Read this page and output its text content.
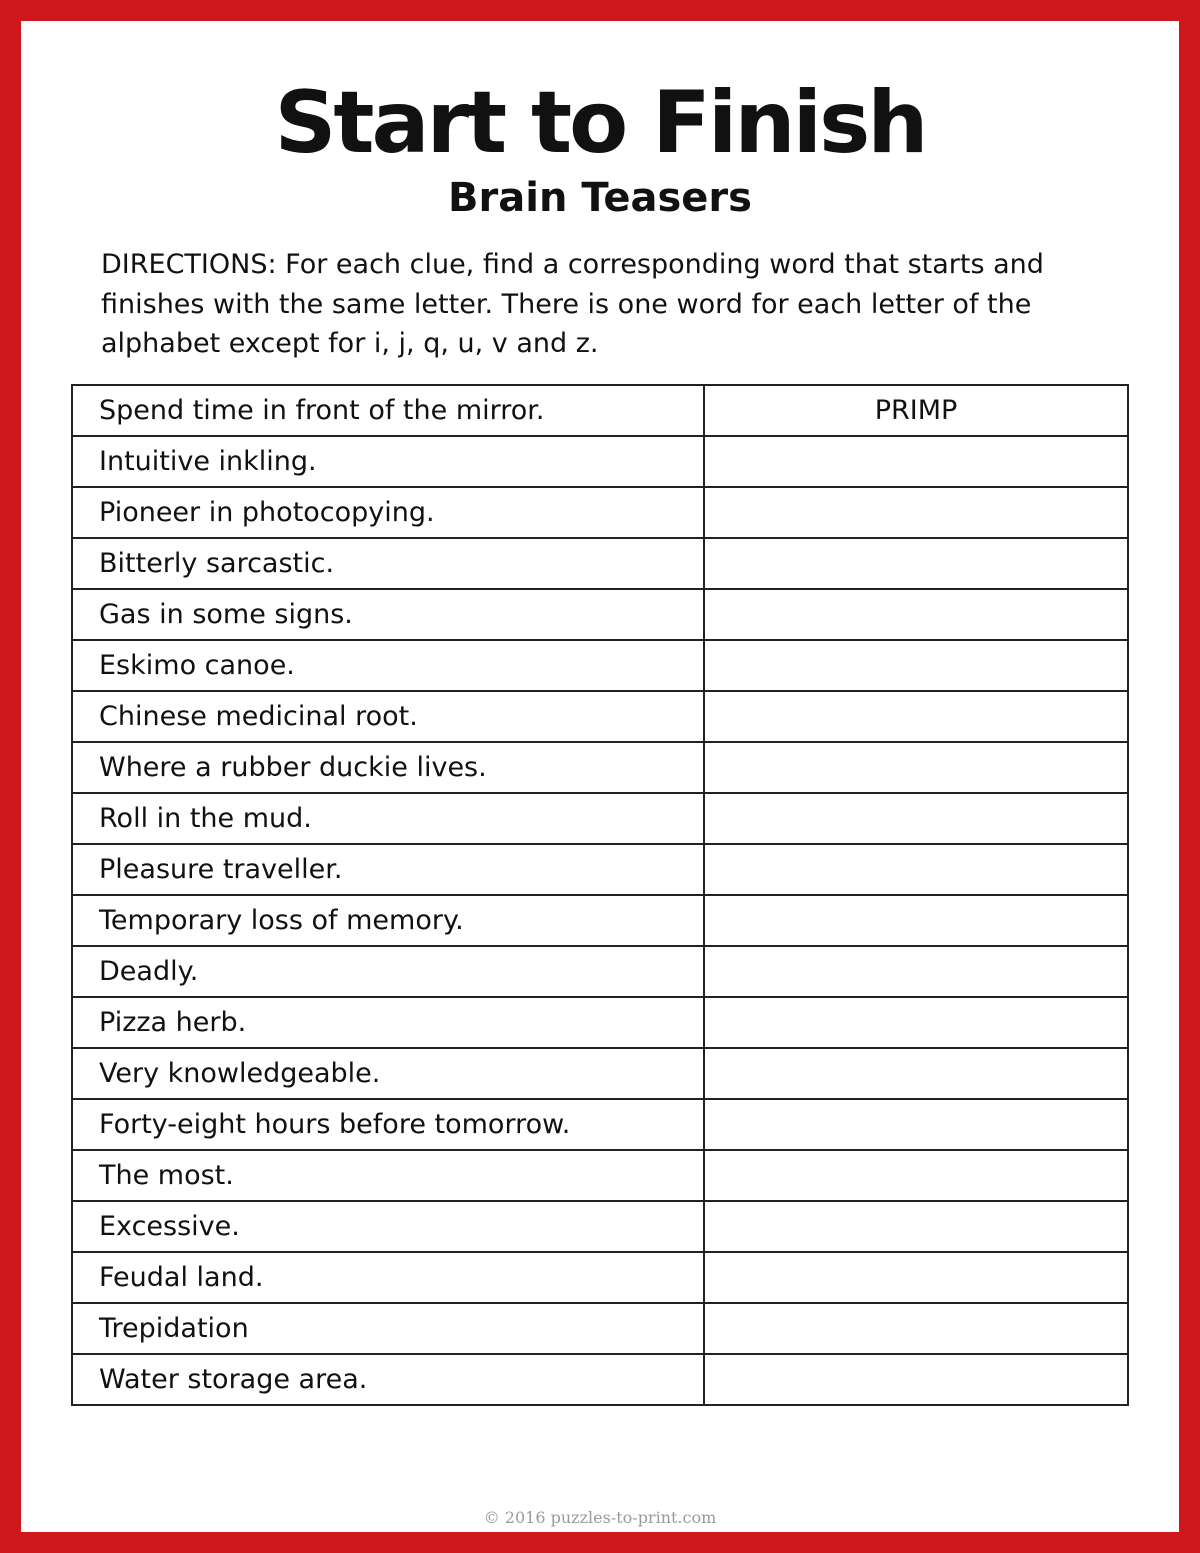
Start to Finish
Brain Teasers

DIRECTIONS: For each clue, find a corresponding word that starts and finishes with the same letter. There is one word for each letter of the alphabet except for i, j, q, u, v and z.

Spend time in front of the mirror.	PRIMP
Intuitive inkling.	
Pioneer in photocopying.	
Bitterly sarcastic.	
Gas in some signs.	
Eskimo canoe.	
Chinese medicinal root.	
Where a rubber duckie lives.	
Roll in the mud.	
Pleasure traveller.	
Temporary loss of memory.	
Deadly.	
Pizza herb.	
Very knowledgeable.	
Forty-eight hours before tomorrow.	
The most.	
Excessive.	
Feudal land.	
Trepidation	
Water storage area.	

© 2016 puzzles-to-print.com
